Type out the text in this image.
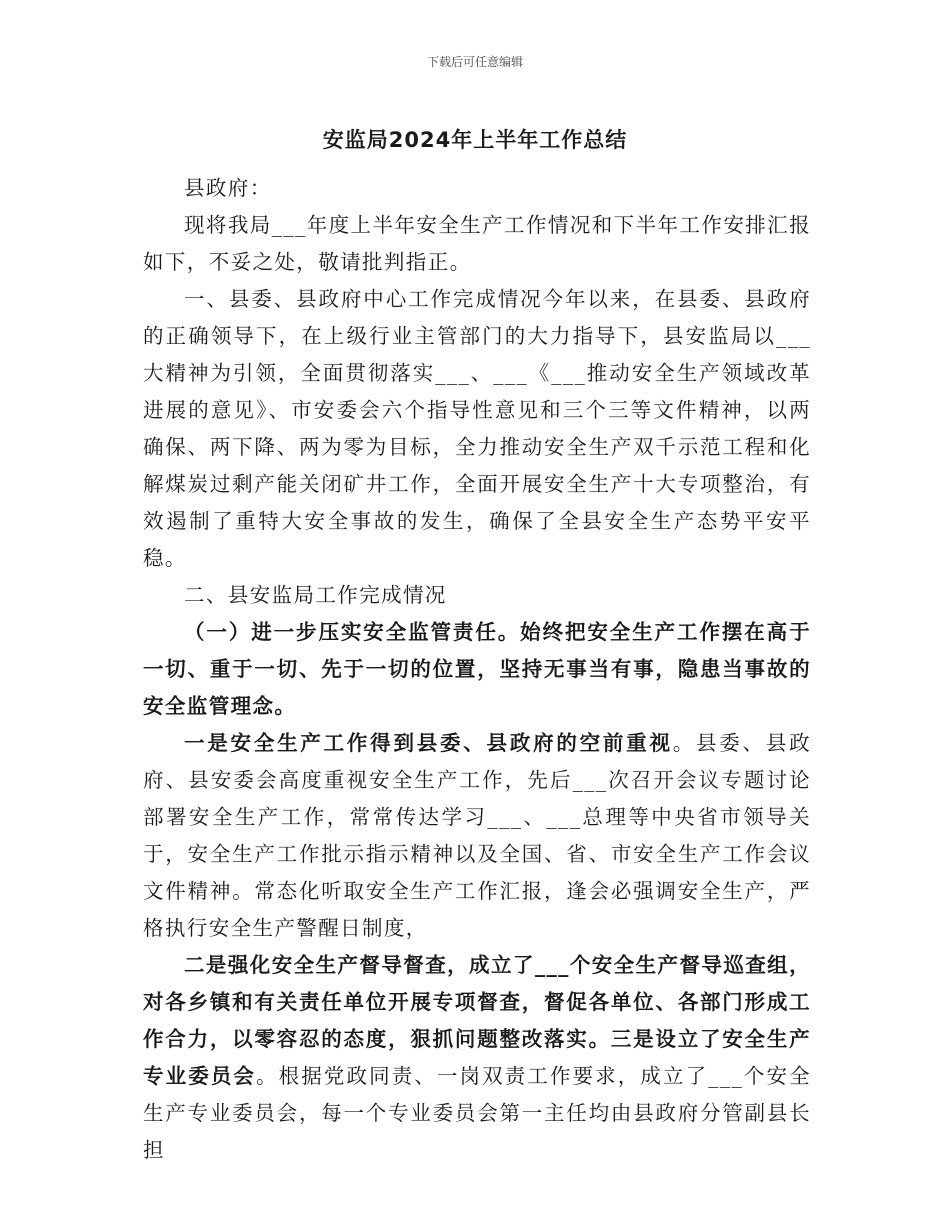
下载后可任意编辑
安监局2024年上半年工作总结

县政府：

现将我局___年度上半年安全生产工作情况和下半年工作安排汇报如下，不妥之处，敬请批判指正。

一、县委、县政府中心工作完成情况今年以来，在县委、县政府的正确领导下，在上级行业主管部门的大力指导下，县安监局以___大精神为引领，全面贯彻落实___、___《___推动安全生产领域改革进展的意见》、市安委会六个指导性意见和三个三等文件精神，以两确保、两下降、两为零为目标，全力推动安全生产双千示范工程和化解煤炭过剩产能关闭矿井工作，全面开展安全生产十大专项整治，有效遏制了重特大安全事故的发生，确保了全县安全生产态势平安平稳。

二、县安监局工作完成情况

（一）进一步压实安全监管责任。始终把安全生产工作摆在高于一切、重于一切、先于一切的位置，坚持无事当有事，隐患当事故的安全监管理念。

一是安全生产工作得到县委、县政府的空前重视。县委、县政府、县安委会高度重视安全生产工作，先后___次召开会议专题讨论部署安全生产工作，常常传达学习___、___总理等中央省市领导关于，安全生产工作批示指示精神以及全国、省、市安全生产工作会议文件精神。常态化听取安全生产工作汇报，逢会必强调安全生产，严格执行安全生产警醒日制度，

二是强化安全生产督导督查，成立了___个安全生产督导巡查组，对各乡镇和有关责任单位开展专项督查，督促各单位、各部门形成工作合力，以零容忍的态度，狠抓问题整改落实。三是设立了安全生产专业委员会。根据党政同责、一岗双责工作要求，成立了___个安全生产专业委员会，每一个专业委员会第一主任均由县政府分管副县长担
